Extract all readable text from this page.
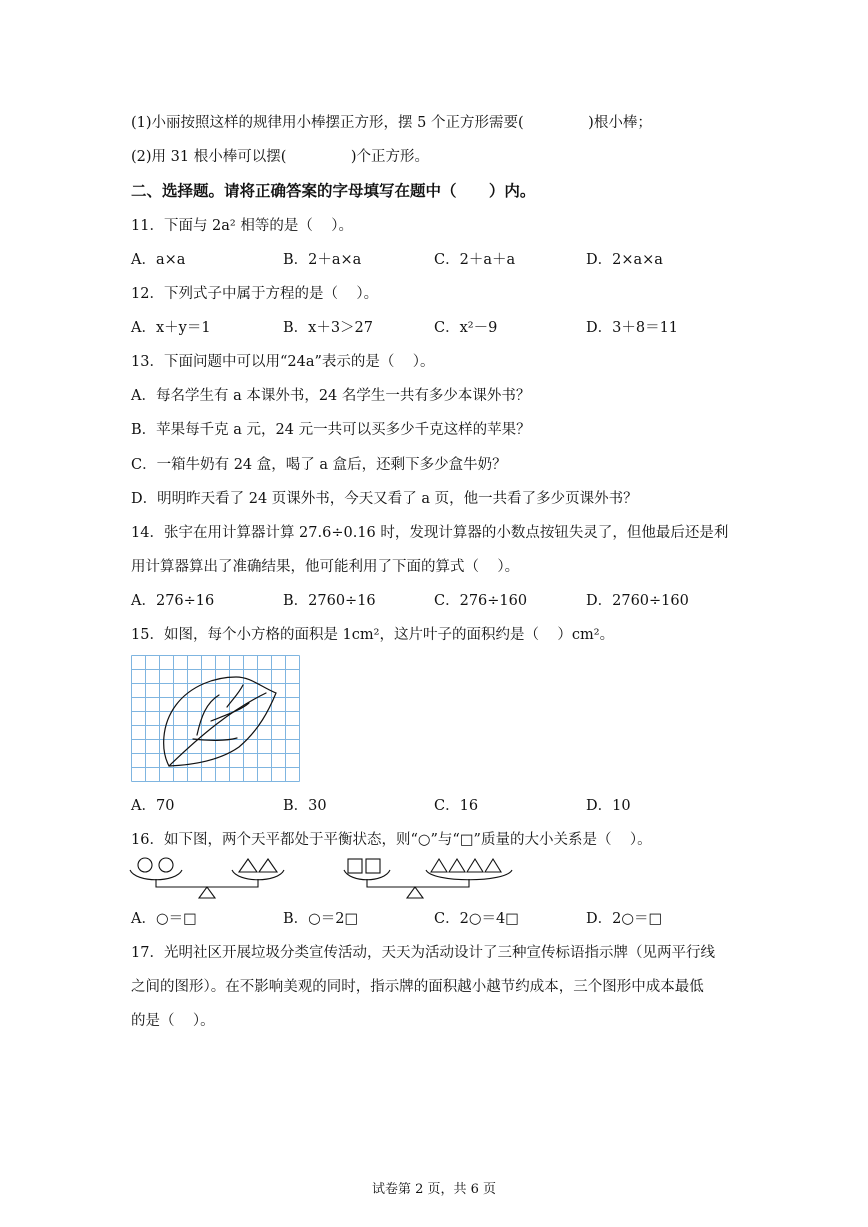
(1)小丽按照这样的规律用小棒摆正方形，摆 5 个正方形需要(              )根小棒；
(2)用 31 根小棒可以摆(              )个正方形。
二、选择题。请将正确答案的字母填写在题中（      ）内。
11．下面与 2a² 相等的是（    ）。
A．a×a	B．2＋a×a	C．2＋a＋a	D．2×a×a
12．下列式子中属于方程的是（    ）。
A．x＋y＝1	B．x＋3＞27	C．x²－9	D．3＋8＝11
13．下面问题中可以用“24a”表示的是（    ）。
A．每名学生有 a 本课外书，24 名学生一共有多少本课外书？
B．苹果每千克 a 元，24 元一共可以买多少千克这样的苹果？
C．一箱牛奶有 24 盒，喝了 a 盒后，还剩下多少盒牛奶？
D．明明昨天看了 24 页课外书，今天又看了 a 页，他一共看了多少页课外书？
14．张宇在用计算器计算 27.6÷0.16 时，发现计算器的小数点按钮失灵了，但他最后还是利
用计算器算出了准确结果，他可能利用了下面的算式（    ）。
A．276÷16	B．2760÷16	C．276÷160	D．2760÷160
15．如图，每个小方格的面积是 1cm²，这片叶子的面积约是（    ）cm²。
A．70	B．30	C．16	D．10
16．如下图，两个天平都处于平衡状态，则“○”与“□”质量的大小关系是（    ）。
A．○＝□	B．○＝2□	C．2○＝4□	D．2○＝□
17．光明社区开展垃圾分类宣传活动，天天为活动设计了三种宣传标语指示牌（见两平行线
之间的图形）。在不影响美观的同时，指示牌的面积越小越节约成本，三个图形中成本最低
的是（    ）。
试卷第 2 页，共 6 页
